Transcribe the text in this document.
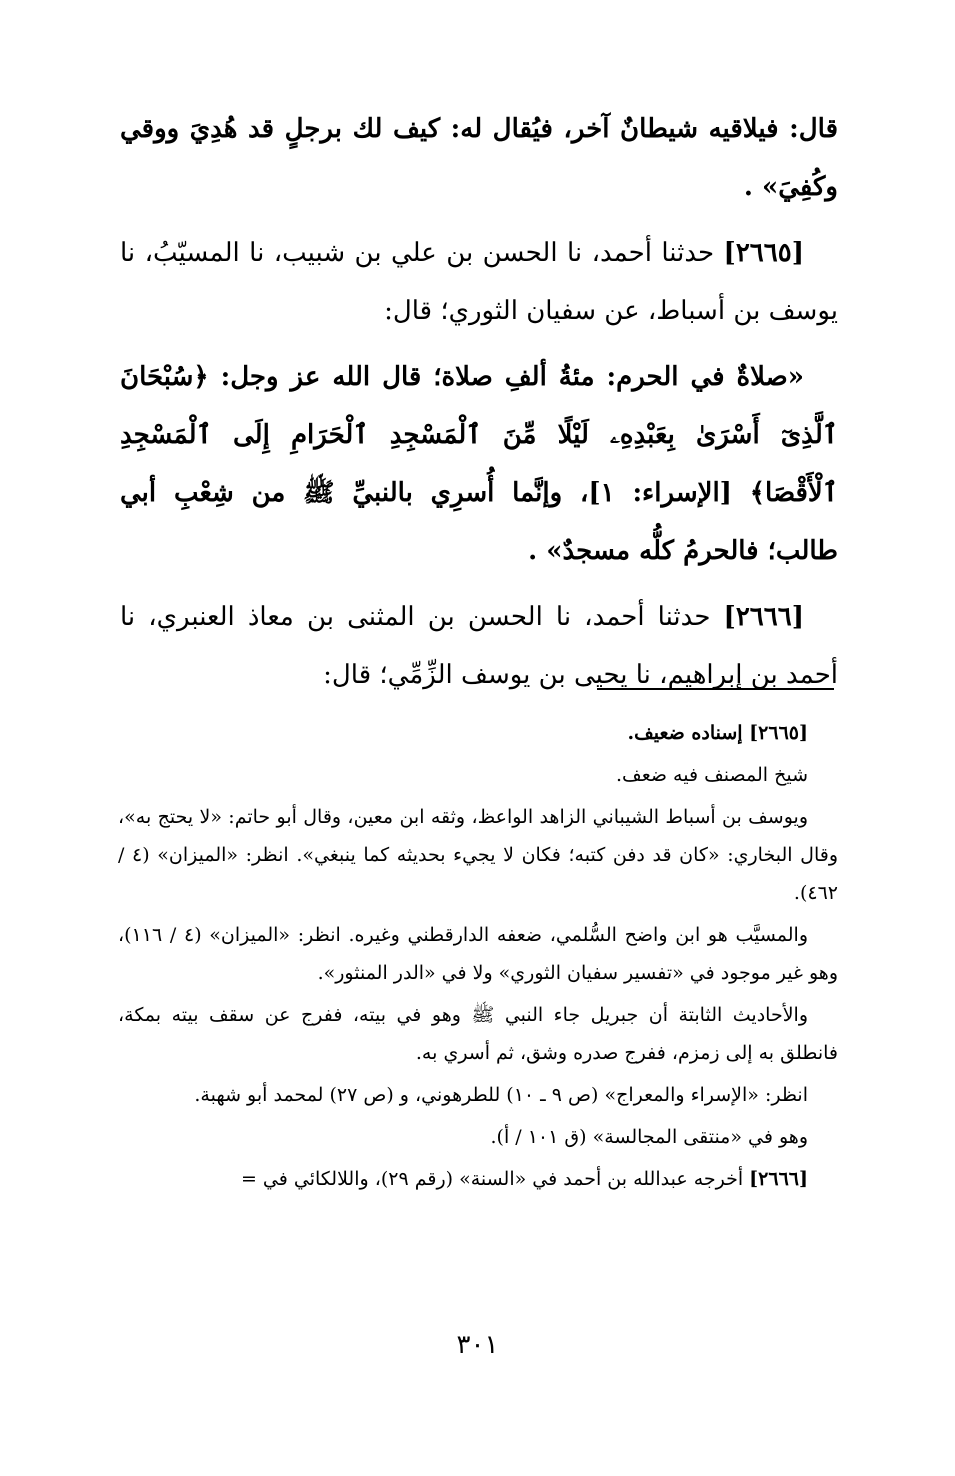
قال: فيلاقيه شيطانٌ آخر، فيُقال له: كيف لك برجلٍ قد هُدِيَ ووقي وكُفِيَ» .

[٢٦٦٥] حدثنا أحمد، نا الحسن بن علي بن شبيب، نا المسيّبُ، نا يوسف بن أسباط، عن سفيان الثوري؛ قال:

«صلاةٌ في الحرم: مئةُ ألفِ صلاة؛ قال الله عز وجل: ﴿سُبْحَانَ ٱلَّذِىٓ أَسْرَىٰ بِعَبْدِهِۦ لَيْلًا مِّنَ ٱلْمَسْجِدِ ٱلْحَرَامِ إِلَى ٱلْمَسْجِدِ ٱلْأَقْصَا﴾ [الإسراء: ١]، وإنَّما أُسرِي بالنبيِّ ﷺ من شِعْبِ أبي طالب؛ فالحرمُ كلُّه مسجدٌ» .

[٢٦٦٦] حدثنا أحمد، نا الحسن بن المثنى بن معاذ العنبري، نا أحمد بن إبراهيم، نا يحيى بن يوسف الزِّمِّي؛ قال:

[٢٦٦٥] إسناده ضعيف.

شيخ المصنف فيه ضعف.

ويوسف بن أسباط الشيباني الزاهد الواعظ، وثقه ابن معين، وقال أبو حاتم: «لا يحتج به»، وقال البخاري: «كان قد دفن كتبه؛ فكان لا يجيء بحديثه كما ينبغي». انظر: «الميزان» (٤ / ٤٦٢).

والمسيَّب هو ابن واضح السُّلمي، ضعفه الدارقطني وغيره. انظر: «الميزان» (٤ / ١١٦)، وهو غير موجود في «تفسير سفيان الثوري» ولا في «الدر المنثور».

والأحاديث الثابتة أن جبريل جاء النبي ﷺ وهو في بيته، ففرج عن سقف بيته بمكة، فانطلق به إلى زمزم، ففرج صدره وشق، ثم أسري به.

انظر: «الإسراء والمعراج» (ص ٩ ـ ١٠) للطرهوني، و (ص ٢٧) لمحمد أبو شهبة.

وهو في «منتقى المجالسة» (ق ١٠١ / أ).

[٢٦٦٦] أخرجه عبدالله بن أحمد في «السنة» (رقم ٢٩)، واللالكائي في =

٣٠١
